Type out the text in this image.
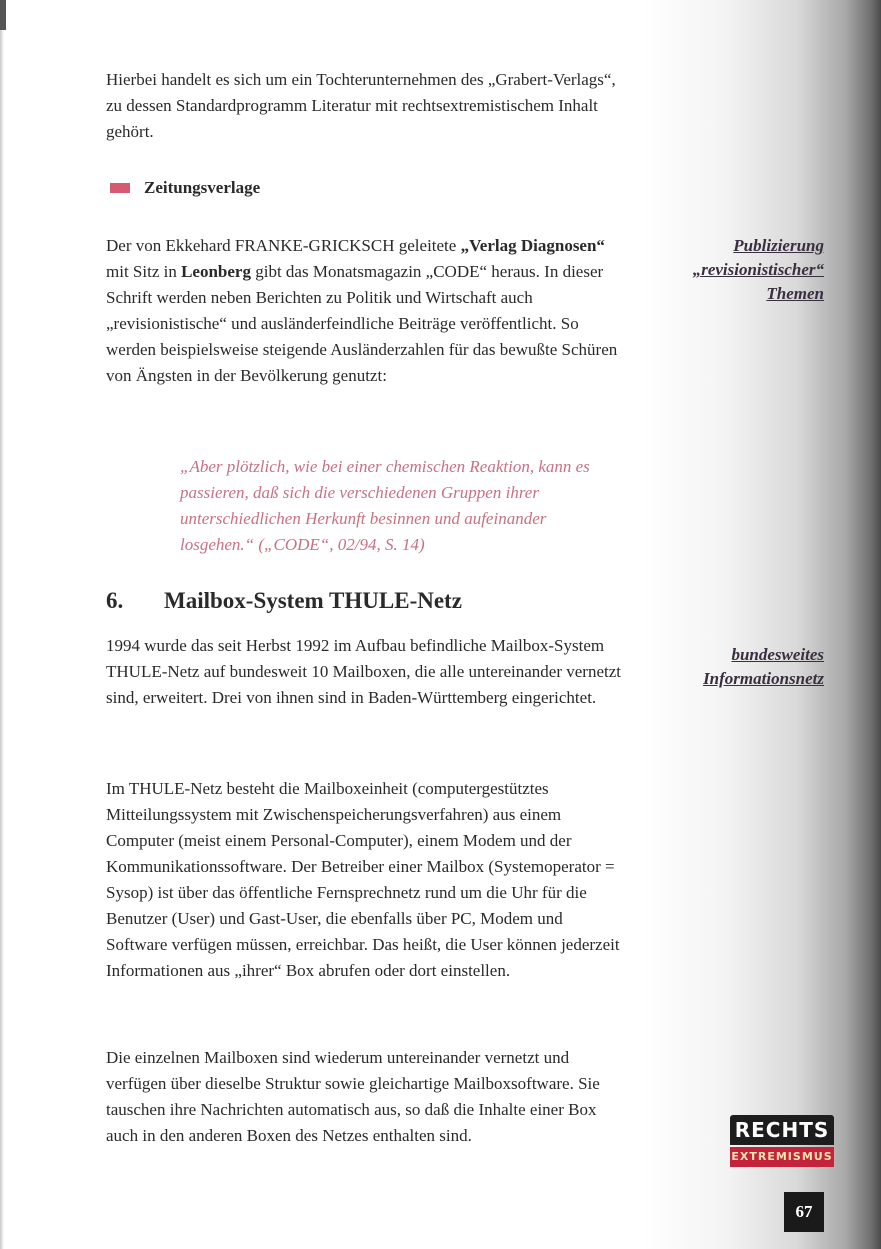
Hierbei handelt es sich um ein Tochterunternehmen des „Grabert-Verlags“, zu dessen Standardprogramm Literatur mit rechtsextremistischem Inhalt gehört.

Zeitungsverlage

Der von Ekkehard FRANKE-GRICKSCH geleitete „Verlag Diagnosen“ mit Sitz in Leonberg gibt das Monatsmagazin „CODE“ heraus. In dieser Schrift werden neben Berichten zu Politik und Wirtschaft auch „revisionistische“ und ausländerfeindliche Beiträge veröffentlicht. So werden beispielsweise steigende Ausländerzahlen für das bewußte Schüren von Ängsten in der Bevölkerung genutzt:

„Aber plötzlich, wie bei einer chemischen Reaktion, kann es passieren, daß sich die verschiedenen Gruppen ihrer unterschiedlichen Herkunft besinnen und aufeinander losgehen.“ („CODE“, 02/94, S. 14)

6.	Mailbox-System THULE-Netz

1994 wurde das seit Herbst 1992 im Aufbau befindliche Mailbox-System THULE-Netz auf bundesweit 10 Mailboxen, die alle untereinander vernetzt sind, erweitert. Drei von ihnen sind in Baden-Württemberg eingerichtet.

Im THULE-Netz besteht die Mailboxeinheit (computergestütztes Mitteilungssystem mit Zwischenspeicherungsverfahren) aus einem Computer (meist einem Personal-Computer), einem Modem und der Kommunikationssoftware. Der Betreiber einer Mailbox (Systemoperator = Sysop) ist über das öffentliche Fernsprechnetz rund um die Uhr für die Benutzer (User) und Gast-User, die ebenfalls über PC, Modem und Software verfügen müssen, erreichbar. Das heißt, die User können jederzeit Informationen aus „ihrer“ Box abrufen oder dort einstellen.

Die einzelnen Mailboxen sind wiederum untereinander vernetzt und verfügen über dieselbe Struktur sowie gleichartige Mailboxsoftware. Sie tauschen ihre Nachrichten automatisch aus, so daß die Inhalte einer Box auch in den anderen Boxen des Netzes enthalten sind.

Publizierung
„revisionistischer“
Themen
bundesweites
Informationsnetz
RECHTS
EXTREMISMUS
67
